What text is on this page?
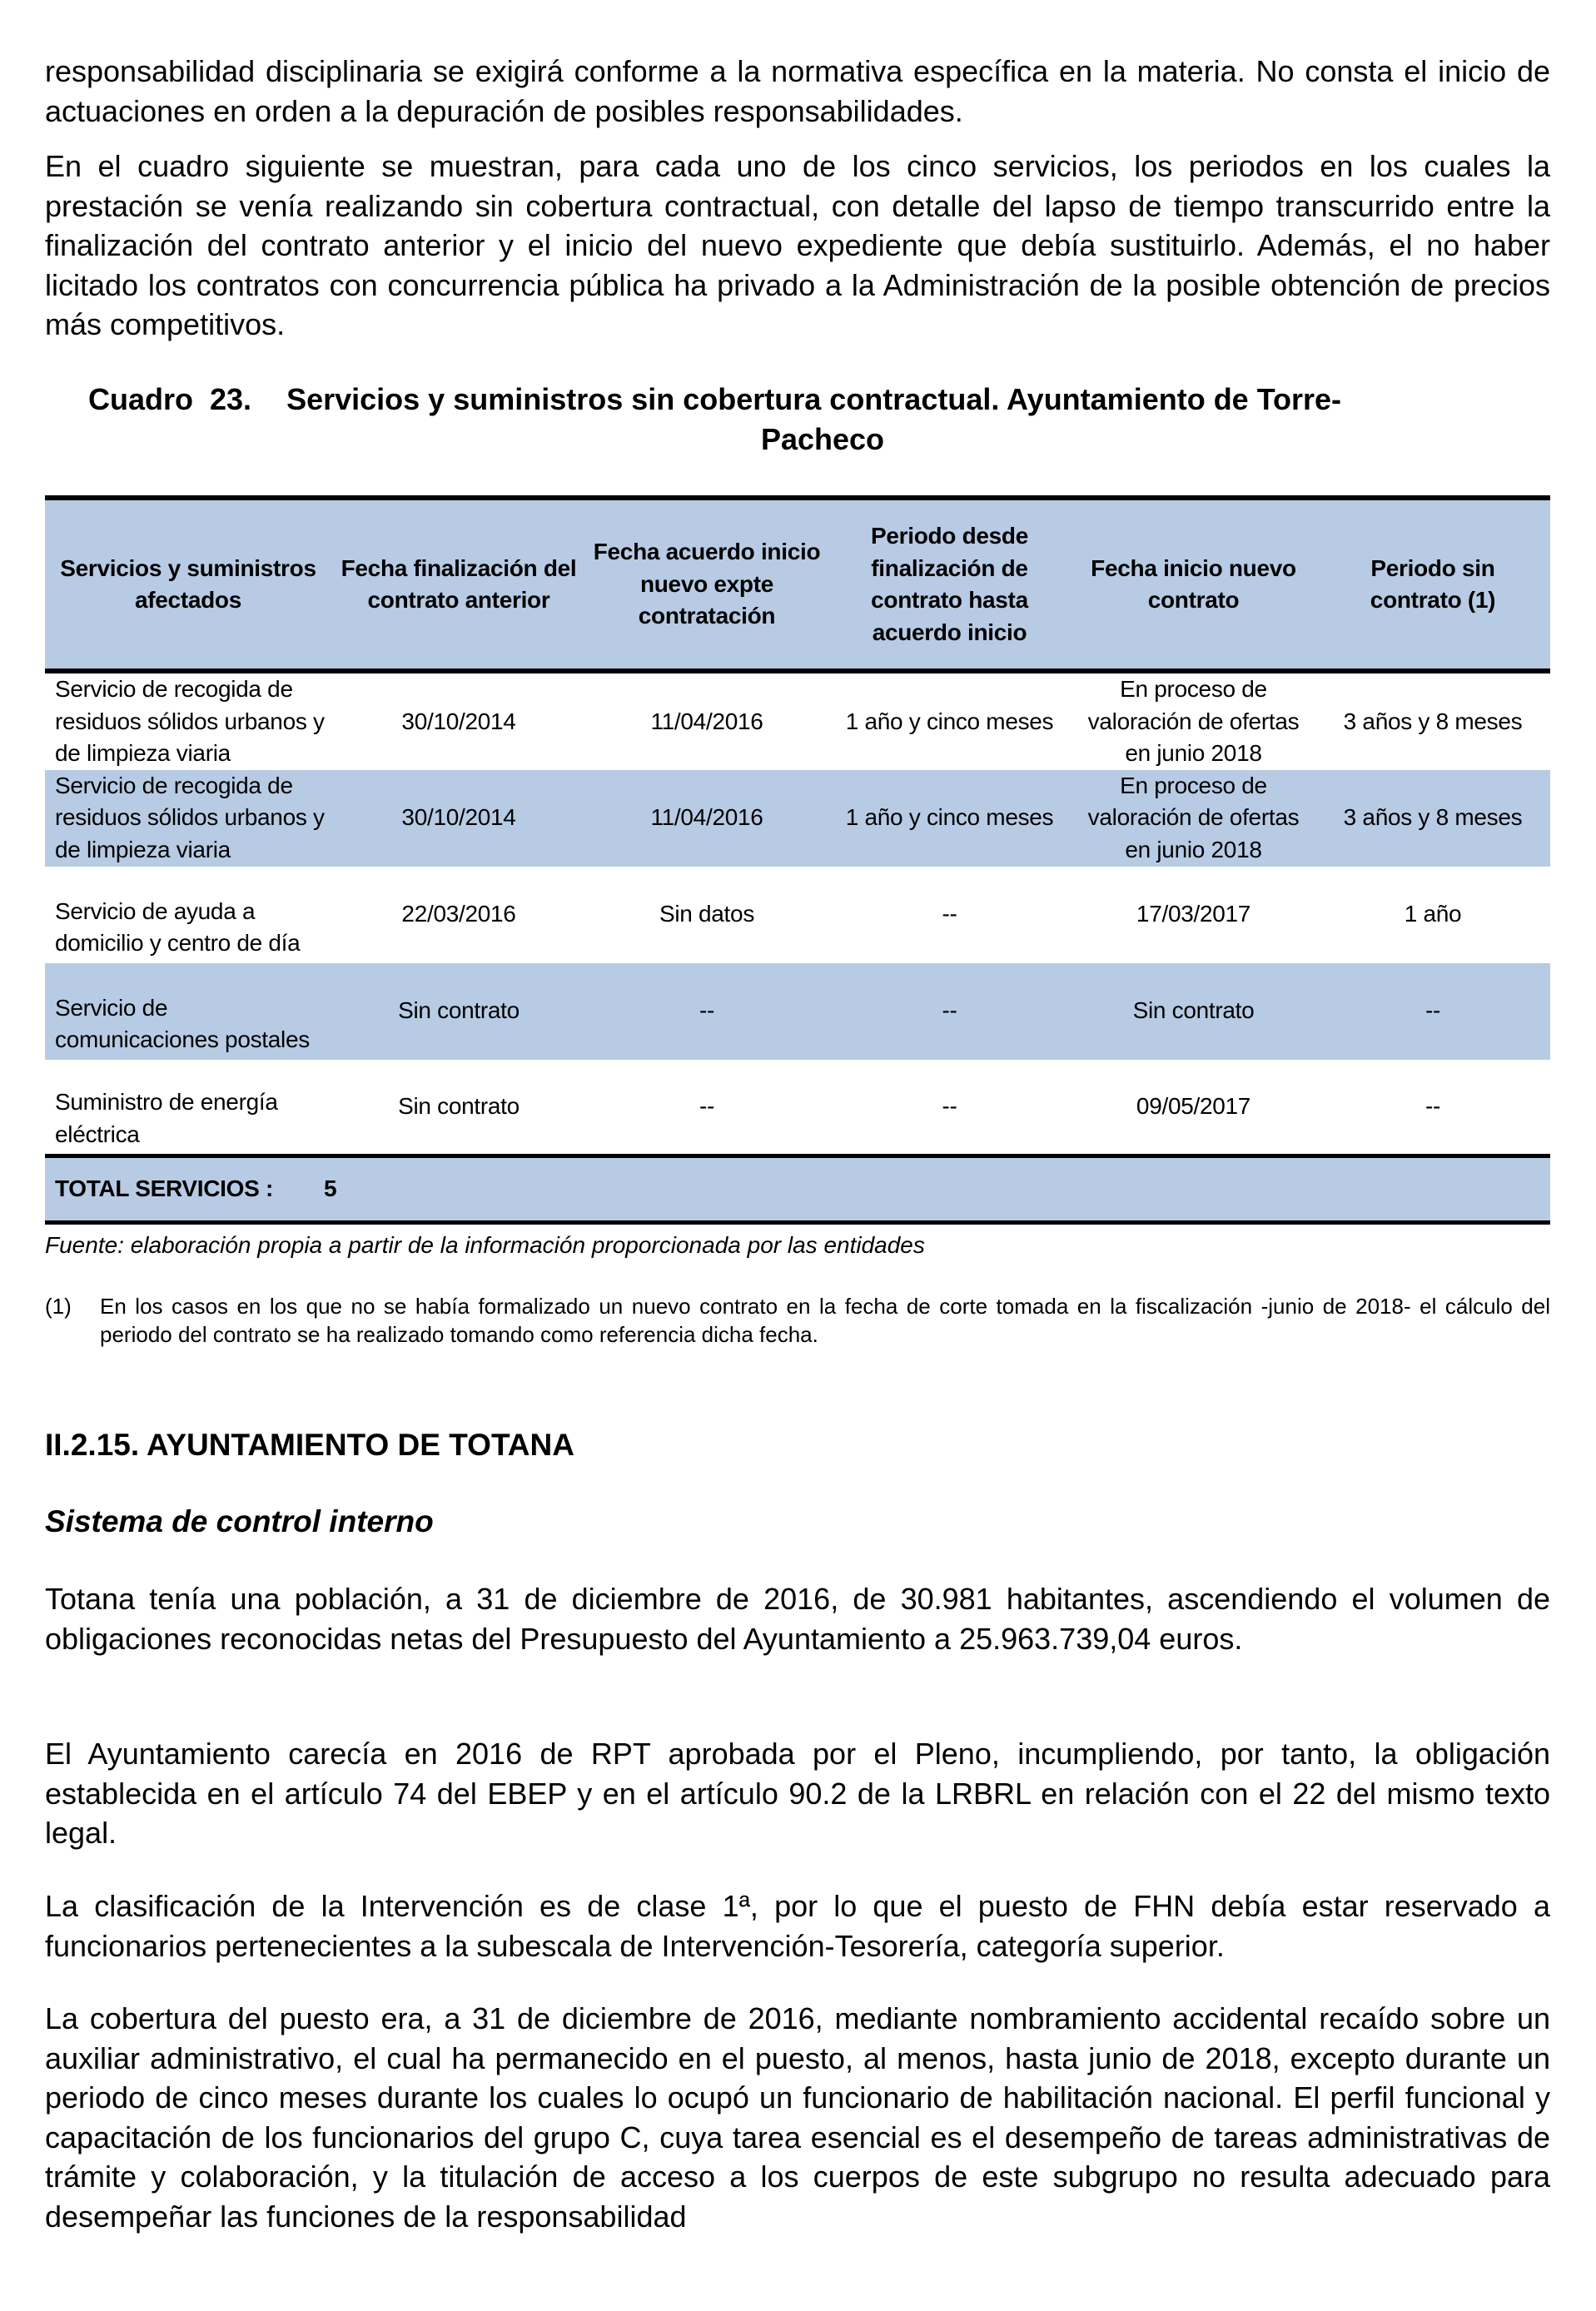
responsabilidad disciplinaria se exigirá conforme a la normativa específica en la materia. No consta el inicio de actuaciones en orden a la depuración de posibles responsabilidades.

En el cuadro siguiente se muestran, para cada uno de los cinco servicios, los periodos en los cuales la prestación se venía realizando sin cobertura contractual, con detalle del lapso de tiempo transcurrido entre la finalización del contrato anterior y el inicio del nuevo expediente que debía sustituirlo. Además, el no haber licitado los contratos con concurrencia pública ha privado a la Administración de la posible obtención de precios más competitivos.

Cuadro  23. Servicios y suministros sin cobertura contractual. Ayuntamiento de Torre-
Pacheco
Servicios y suministros afectados	Fecha finalización del contrato anterior	Fecha acuerdo inicio nuevo expte contratación	Periodo desde finalización de contrato hasta acuerdo inicio	Fecha inicio nuevo contrato	Periodo sin contrato (1)
Servicio de recogida de residuos sólidos urbanos y de limpieza viaria	30/10/2014	11/04/2016	1 año y cinco meses	En proceso de valoración de ofertas en junio 2018	3 años y 8 meses
Servicio de recogida de residuos sólidos urbanos y de limpieza viaria	30/10/2014	11/04/2016	1 año y cinco meses	En proceso de valoración de ofertas en junio 2018	3 años y 8 meses
Servicio de ayuda a domicilio y centro de día	22/03/2016	Sin datos	--	17/03/2017	1 año
Servicio de comunicaciones postales	Sin contrato	--	--	Sin contrato	--
Suministro de energía eléctrica	Sin contrato	--	--	09/05/2017	--
TOTAL SERVICIOS : 5					
Fuente: elaboración propia a partir de la información proporcionada por las entidades
(1)	En los casos en los que no se había formalizado un nuevo contrato en la fecha de corte tomada en la fiscalización -junio de 2018- el cálculo del periodo del contrato se ha realizado tomando como referencia dicha fecha.
II.2.15. AYUNTAMIENTO DE TOTANA
Sistema de control interno

Totana tenía una población, a 31 de diciembre de 2016, de 30.981 habitantes, ascendiendo el volumen de obligaciones reconocidas netas del Presupuesto del Ayuntamiento a 25.963.739,04 euros.

El Ayuntamiento carecía en 2016 de RPT aprobada por el Pleno, incumpliendo, por tanto, la obligación establecida en el artículo 74 del EBEP y en el artículo 90.2 de la LRBRL en relación con el 22 del mismo texto legal.

La clasificación de la Intervención es de clase 1ª, por lo que el puesto de FHN debía estar reservado a funcionarios pertenecientes a la subescala de Intervención-Tesorería, categoría superior.

La cobertura del puesto era, a 31 de diciembre de 2016, mediante nombramiento accidental recaído sobre un auxiliar administrativo, el cual ha permanecido en el puesto, al menos, hasta junio de 2018, excepto durante un periodo de cinco meses durante los cuales lo ocupó un funcionario de habilitación nacional. El perfil funcional y capacitación de los funcionarios del grupo C, cuya tarea esencial es el desempeño de tareas administrativas de trámite y colaboración, y la titulación de acceso a los cuerpos de este subgrupo no resulta adecuado para desempeñar las funciones de la responsabilidad
